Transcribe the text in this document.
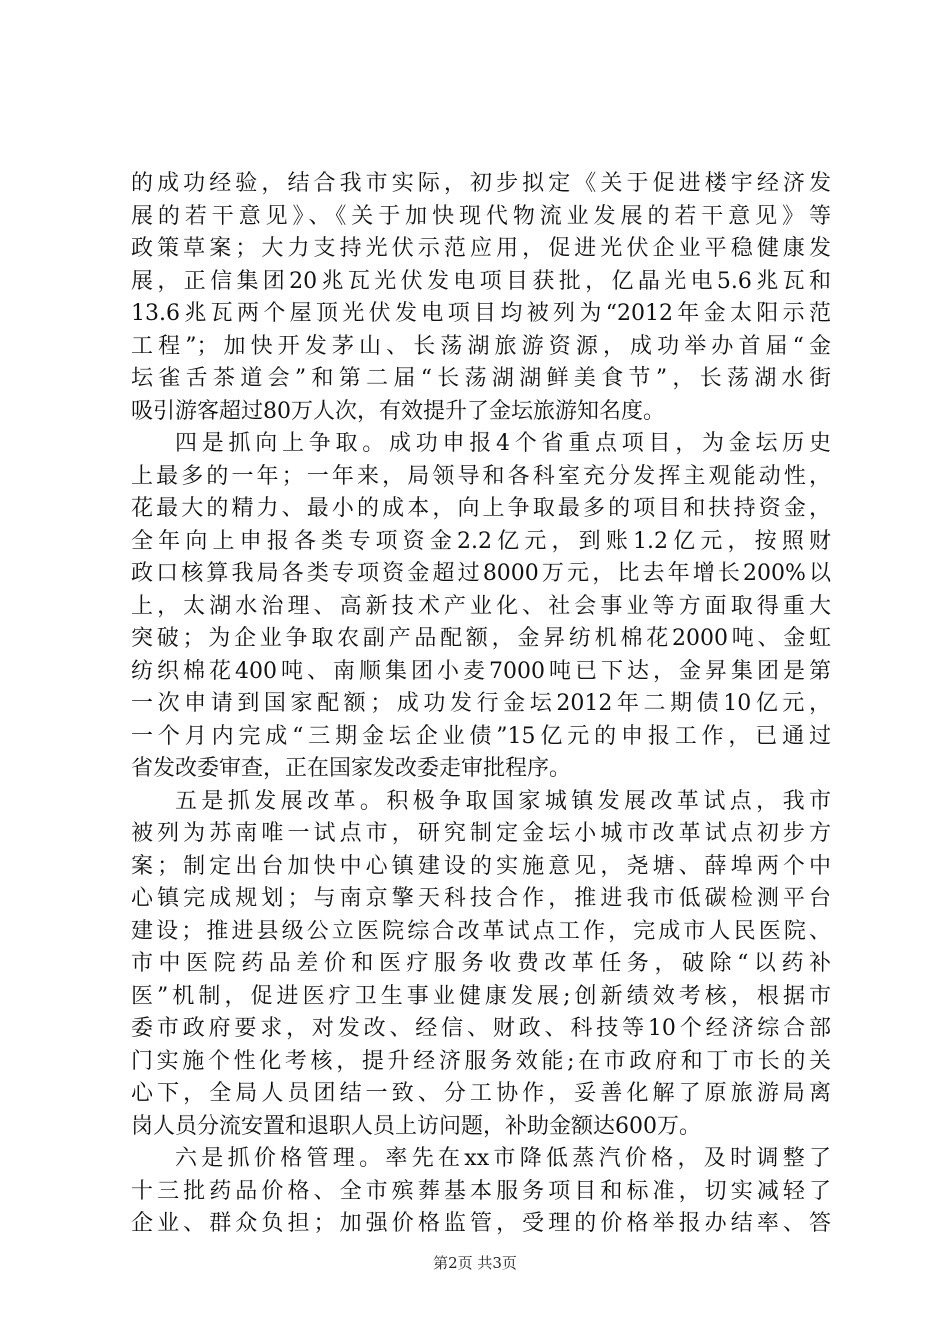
的成功经验，结合我市实际，初步拟定《关于促进楼宇经济发
展的若干意见》、《关于加快现代物流业发展的若干意见》等
政策草案；大力支持光伏示范应用，促进光伏企业平稳健康发
展，正信集团20兆瓦光伏发电项目获批，亿晶光电5.6兆瓦和
13.6兆瓦两个屋顶光伏发电项目均被列为“2012年金太阳示范
工程”；加快开发茅山、长荡湖旅游资源，成功举办首届“金
坛雀舌茶道会”和第二届“长荡湖湖鲜美食节”，长荡湖水街
吸引游客超过80万人次，有效提升了金坛旅游知名度。
四是抓向上争取。成功申报4个省重点项目，为金坛历史
上最多的一年；一年来，局领导和各科室充分发挥主观能动性，
花最大的精力、最小的成本，向上争取最多的项目和扶持资金，
全年向上申报各类专项资金2.2亿元，到账1.2亿元，按照财
政口核算我局各类专项资金超过8000万元，比去年增长200%以
上，太湖水治理、高新技术产业化、社会事业等方面取得重大
突破；为企业争取农副产品配额，金昇纺机棉花2000吨、金虹
纺织棉花400吨、南顺集团小麦7000吨已下达，金昇集团是第
一次申请到国家配额；成功发行金坛2012年二期债10亿元，
一个月内完成“三期金坛企业债”15亿元的申报工作，已通过
省发改委审查，正在国家发改委走审批程序。
五是抓发展改革。积极争取国家城镇发展改革试点，我市
被列为苏南唯一试点市，研究制定金坛小城市改革试点初步方
案；制定出台加快中心镇建设的实施意见，尧塘、薛埠两个中
心镇完成规划；与南京擎天科技合作，推进我市低碳检测平台
建设；推进县级公立医院综合改革试点工作，完成市人民医院、
市中医院药品差价和医疗服务收费改革任务，破除“以药补
医”机制，促进医疗卫生事业健康发展;创新绩效考核，根据市
委市政府要求，对发改、经信、财政、科技等10个经济综合部
门实施个性化考核，提升经济服务效能;在市政府和丁市长的关
心下，全局人员团结一致、分工协作，妥善化解了原旅游局离
岗人员分流安置和退职人员上访问题，补助金额达600万。
六是抓价格管理。率先在xx市降低蒸汽价格，及时调整了
十三批药品价格、全市殡葬基本服务项目和标准，切实减轻了
企业、群众负担；加强价格监管，受理的价格举报办结率、答
第2页 共3页
